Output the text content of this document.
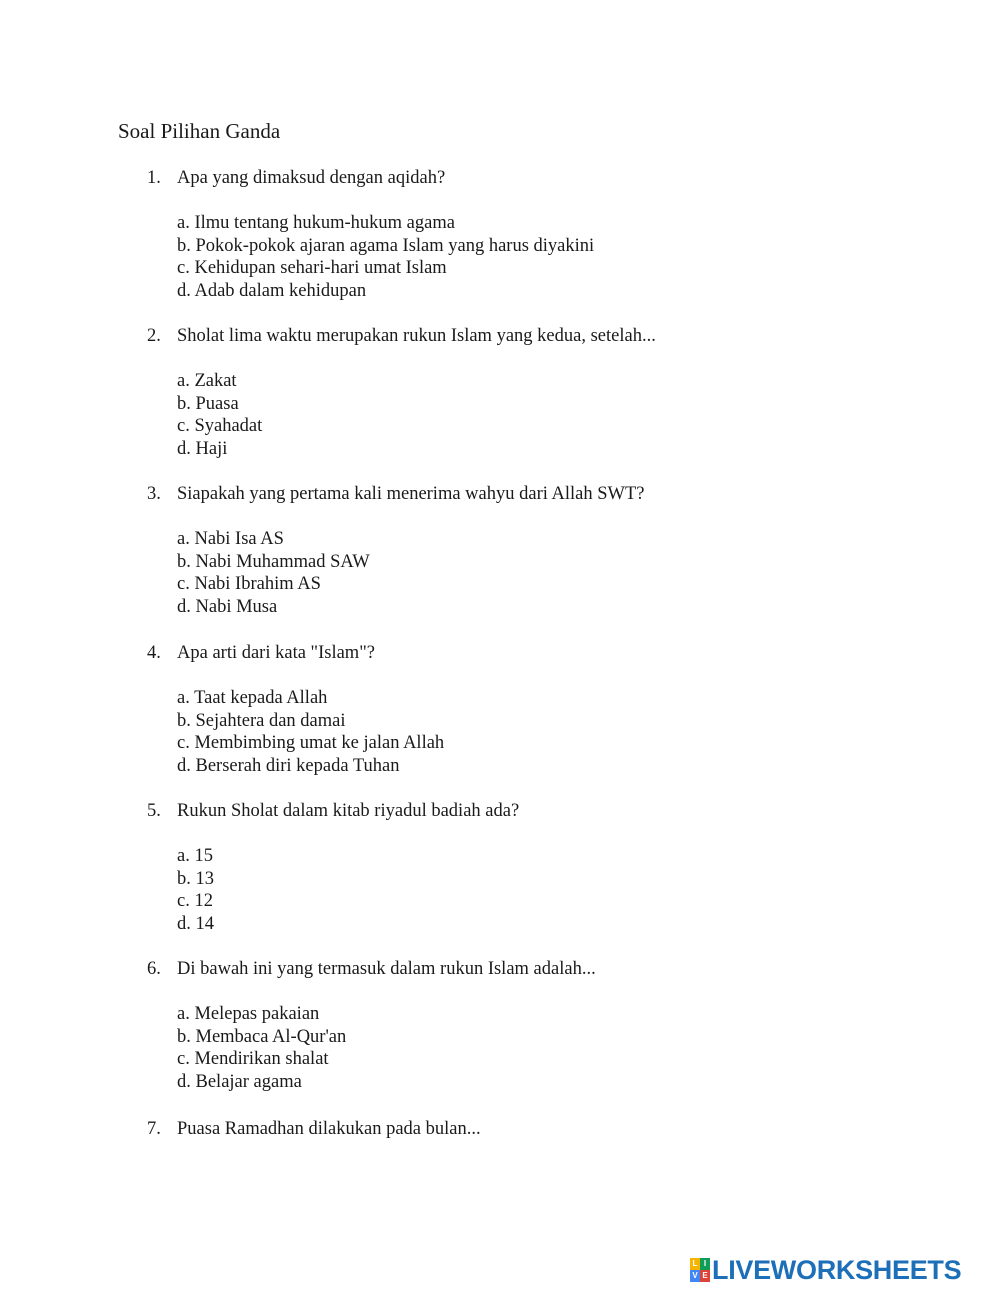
Soal Pilihan Ganda
1. Apa yang dimaksud dengan aqidah?
a. Ilmu tentang hukum-hukum agama
b. Pokok-pokok ajaran agama Islam yang harus diyakini
c. Kehidupan sehari-hari umat Islam
d. Adab dalam kehidupan
2. Sholat lima waktu merupakan rukun Islam yang kedua, setelah...
a. Zakat
b. Puasa
c. Syahadat
d. Haji
3. Siapakah yang pertama kali menerima wahyu dari Allah SWT?
a. Nabi Isa AS
b. Nabi Muhammad SAW
c. Nabi Ibrahim AS
d. Nabi Musa
4. Apa arti dari kata "Islam"?
a. Taat kepada Allah
b. Sejahtera dan damai
c. Membimbing umat ke jalan Allah
d. Berserah diri kepada Tuhan
5. Rukun Sholat dalam kitab riyadul badiah ada?
a. 15
b. 13
c. 12
d. 14
6. Di bawah ini yang termasuk dalam rukun Islam adalah...
a. Melepas pakaian
b. Membaca Al-Qur'an
c. Mendirikan shalat
d. Belajar agama
7. Puasa Ramadhan dilakukan pada bulan...
L I
V E LIVEWORKSHEETS
